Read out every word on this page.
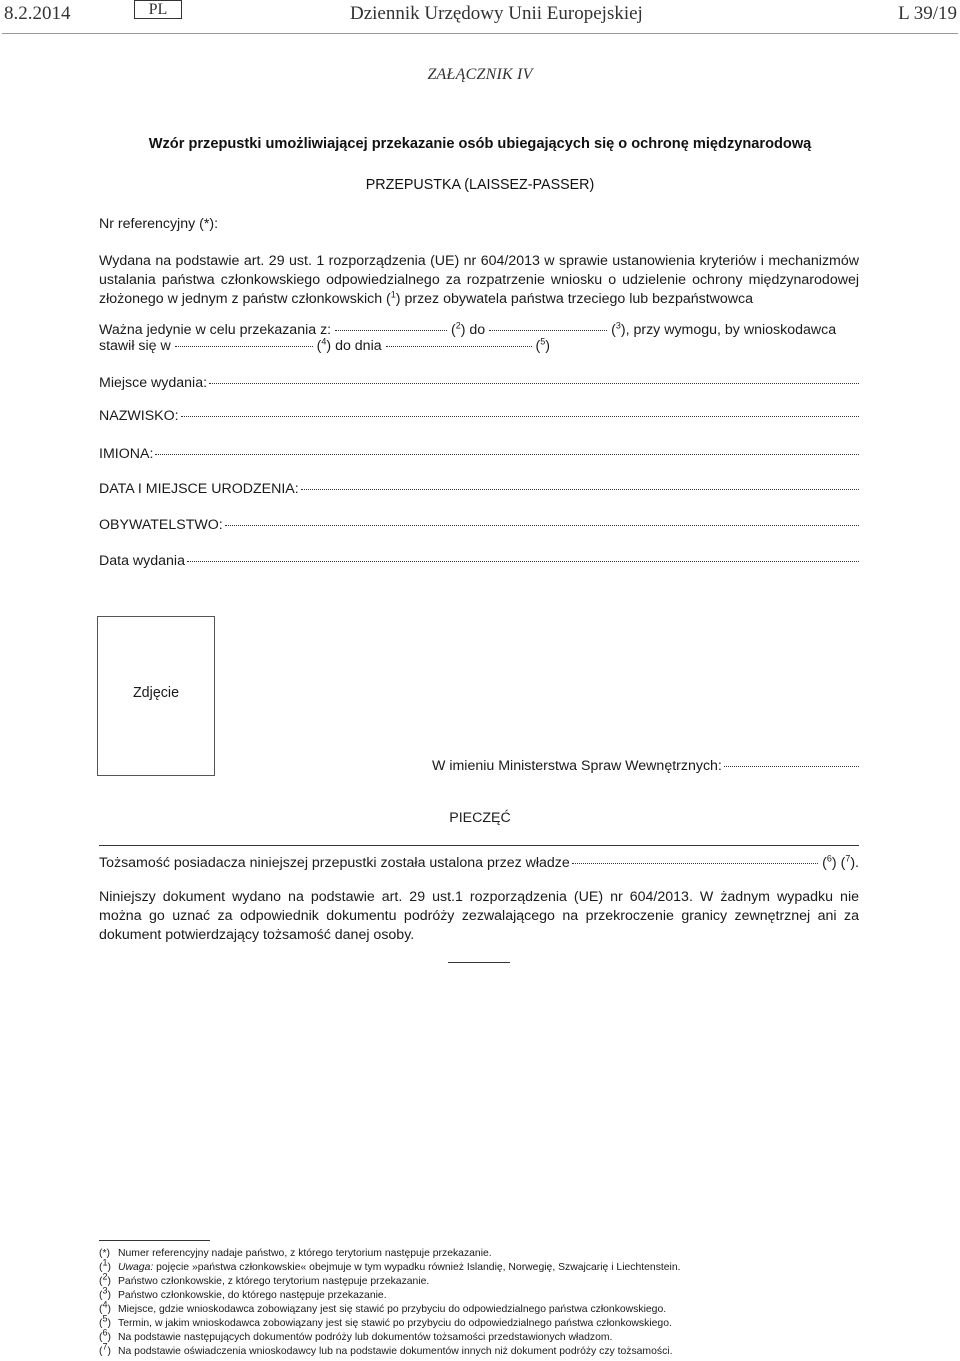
8.2.2014	PL	Dziennik Urzędowy Unii Europejskiej	L 39/19
ZAŁĄCZNIK IV
Wzór przepustki umożliwiającej przekazanie osób ubiegających się o ochronę międzynarodową
PRZEPUSTKA (LAISSEZ-PASSER)
Nr referencyjny (*):
Wydana na podstawie art. 29 ust. 1 rozporządzenia (UE) nr 604/2013 w sprawie ustanowienia kryteriów i mechanizmów ustalania państwa członkowskiego odpowiedzialnego za rozpatrzenie wniosku o udzielenie ochrony międzynarodowej złożonego w jednym z państw członkowskich ($^1$) przez obywatela państwa trzeciego lub bezpaństwowca
Ważna jedynie w celu przekazania z:	($^2$) do	($^3$), przy wymogu, by wnioskodawca
stawił się w	($^4$) do dnia	($^5$)
Miejsce wydania:
NAZWISKO:
IMIONA:
DATA I MIEJSCE URODZENIA:
OBYWATELSTWO:
Data wydania
Zdjęcie
W imieniu Ministerstwa Spraw Wewnętrznych:
PIECZĘĆ
Tożsamość posiadacza niniejszej przepustki została ustalona przez władze	($^6$) ($^7$).
Niniejszy dokument wydano na podstawie art. 29 ust.1 rozporządzenia (UE) nr 604/2013. W żadnym wypadku nie można go uznać za odpowiednik dokumentu podróży zezwalającego na przekroczenie granicy zewnętrznej ani za dokument potwierdzający tożsamość danej osoby.
(*) Numer referencyjny nadaje państwo, z którego terytorium następuje przekazanie.
($^1$) Uwaga: pojęcie »państwa członkowskie« obejmuje w tym wypadku również Islandię, Norwegię, Szwajcarię i Liechtenstein.
($^2$) Państwo członkowskie, z którego terytorium następuje przekazanie.
($^3$) Państwo członkowskie, do którego następuje przekazanie.
($^4$) Miejsce, gdzie wnioskodawca zobowiązany jest się stawić po przybyciu do odpowiedzialnego państwa członkowskiego.
($^5$) Termin, w jakim wnioskodawca zobowiązany jest się stawić po przybyciu do odpowiedzialnego państwa członkowskiego.
($^6$) Na podstawie następujących dokumentów podróży lub dokumentów tożsamości przedstawionych władzom.
($^7$) Na podstawie oświadczenia wnioskodawcy lub na podstawie dokumentów innych niż dokument podróży czy tożsamości.
